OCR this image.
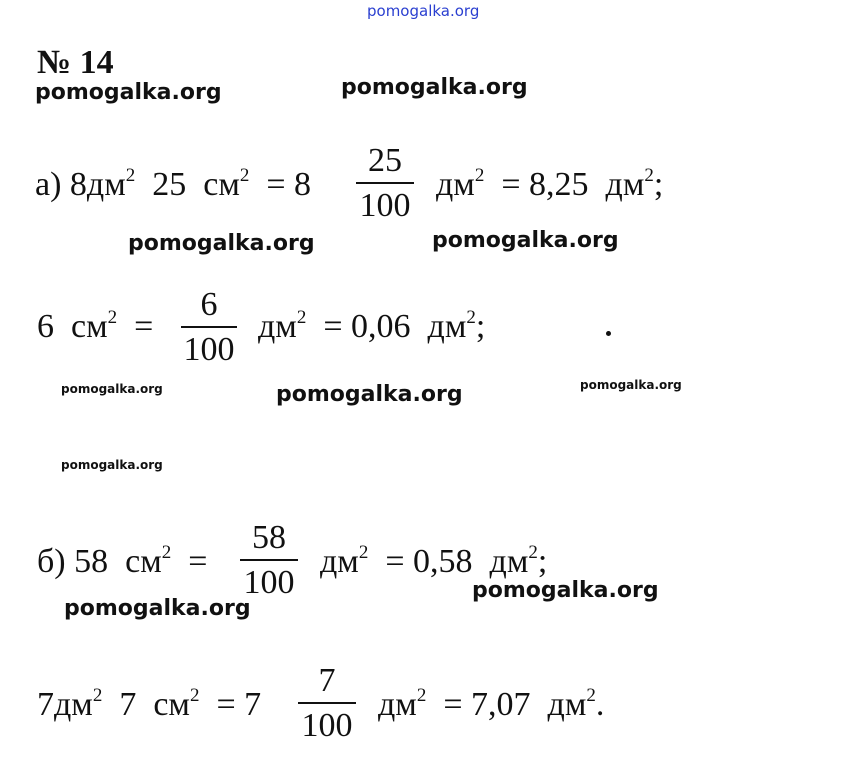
pomogalka.org
№ 14
pomogalka.org	pomogalka.org
pomogalka.org	pomogalka.org
pomogalka.org	pomogalka.org	pomogalka.org
pomogalka.org
pomogalka.org
pomogalka.org
а) $8дм^2$ 25 $см^2 = 8$
25
100
$дм^2 = 8,25$ $дм^2$;
6 $см^2$ =
6
100
$дм^2 = 0,06$ $дм^2$;
б) 58 $см^2$ =
58
100
$дм^2 = 0,58$ $дм^2$;
$7дм^2$ 7 $см^2 = 7$
7
100
$дм^2 = 7,07$ $дм^2$.
